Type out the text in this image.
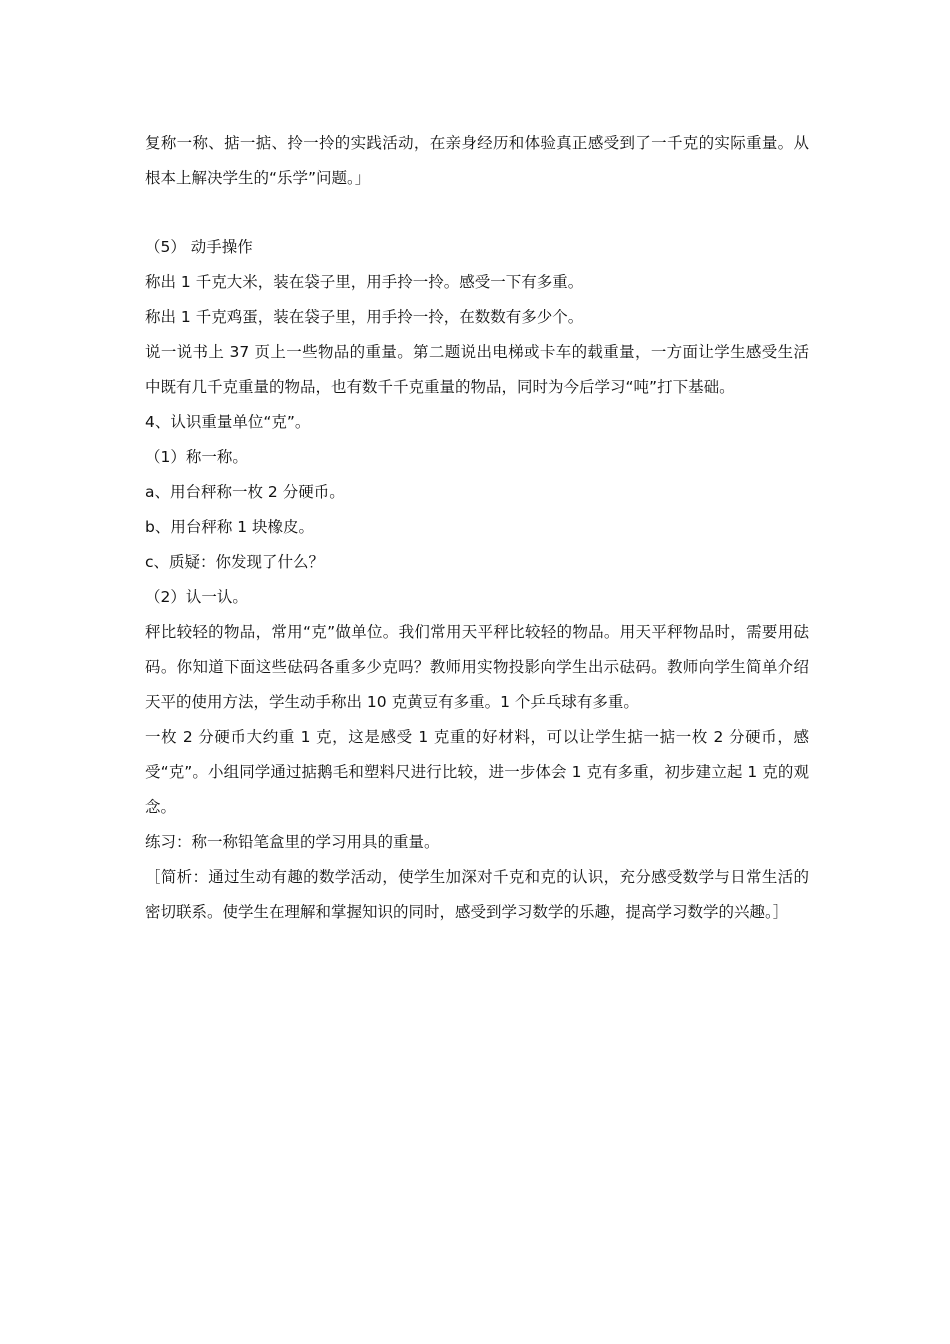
复称一称、掂一掂、拎一拎的实践活动，在亲身经历和体验真正感受到了一千克的实际重量。从根本上解决学生的“乐学”问题。」

（5） 动手操作

称出 1 千克大米，装在袋子里，用手拎一拎。感受一下有多重。

称出 1 千克鸡蛋，装在袋子里，用手拎一拎，在数数有多少个。

说一说书上 37 页上一些物品的重量。第二题说出电梯或卡车的载重量，一方面让学生感受生活中既有几千克重量的物品，也有数千千克重量的物品，同时为今后学习“吨”打下基础。

4、认识重量单位“克”。

（1）称一称。

a、用台秤称一枚 2 分硬币。

b、用台秤称 1 块橡皮。

c、质疑：你发现了什么？

（2）认一认。

秤比较轻的物品，常用“克”做单位。我们常用天平秤比较轻的物品。用天平秤物品时，需要用砝码。你知道下面这些砝码各重多少克吗？教师用实物投影向学生出示砝码。教师向学生简单介绍天平的使用方法，学生动手称出 10 克黄豆有多重。1 个乒乓球有多重。

一枚 2 分硬币大约重 1 克，这是感受 1 克重的好材料，可以让学生掂一掂一枚 2 分硬币，感受“克”。小组同学通过掂鹅毛和塑料尺进行比较，进一步体会 1 克有多重，初步建立起 1 克的观念。

练习：称一称铅笔盒里的学习用具的重量。

［简析：通过生动有趣的数学活动，使学生加深对千克和克的认识，充分感受数学与日常生活的密切联系。使学生在理解和掌握知识的同时，感受到学习数学的乐趣，提高学习数学的兴趣。］
